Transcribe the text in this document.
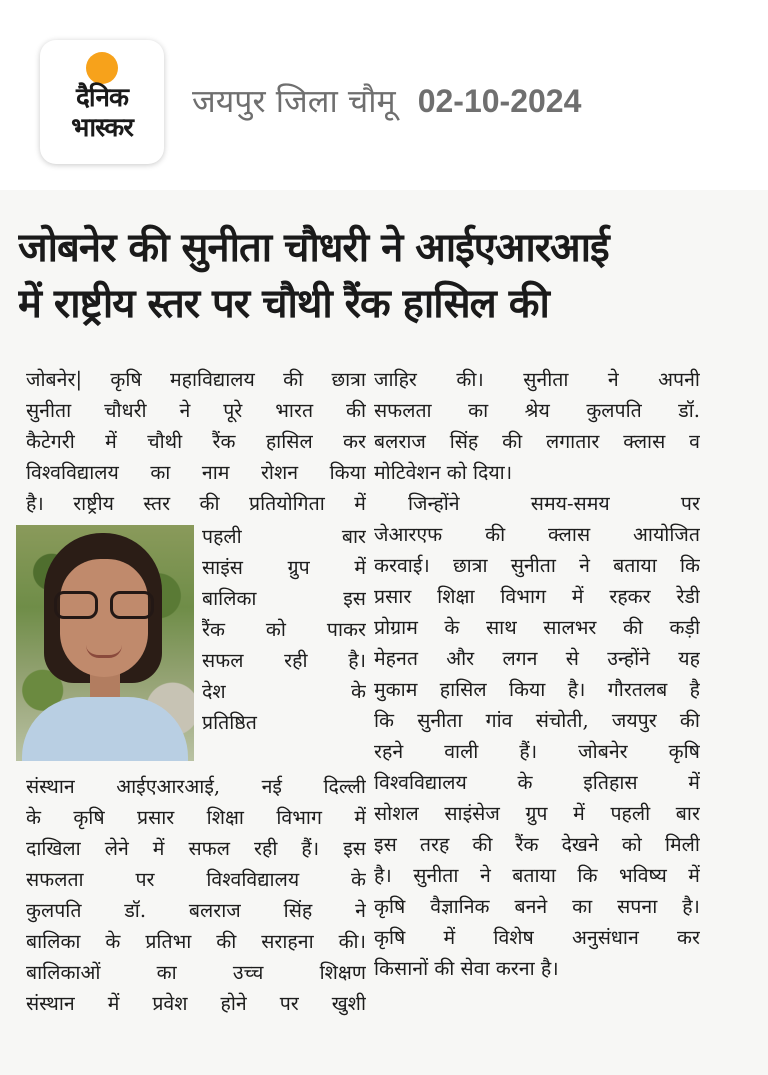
दैनिक
भास्कर
जयपुर जिला चौमू 02-10-2024
जोबनेर की सुनीता चौधरी ने आईएआरआई
में राष्ट्रीय स्तर पर चौथी रैंक हासिल की

जोबनेर| कृषि महाविद्यालय की छात्रा

सुनीता चौधरी ने पूरे भारत की

कैटेगरी में चौथी रैंक हासिल कर

विश्वविद्यालय का नाम रोशन किया

है। राष्ट्रीय स्तर की प्रतियोगिता में

पहली	बार

साइंस ग्रुप में

बालिका	इस

रैंक को पाकर

सफल रही है।

देश	के

प्रतिष्ठित

संस्थान आईएआरआई, नई दिल्ली

के कृषि प्रसार शिक्षा विभाग में

दाखिला लेने में सफल रही हैं। इस

सफलता	पर	विश्वविद्यालय	के

कुलपति डॉ. बलराज सिंह ने

बालिका के प्रतिभा की सराहना की।

बालिकाओं	का	उच्च	शिक्षण

संस्थान में प्रवेश होने पर खुशी

जाहिर की। सुनीता ने अपनी

सफलता का श्रेय कुलपति डॉ.

बलराज सिंह की लगातार क्लास व

मोटिवेशन को दिया।

जिन्होंने	समय-समय	पर

जेआरएफ की क्लास आयोजित

करवाई। छात्रा सुनीता ने बताया कि

प्रसार शिक्षा विभाग में रहकर रेडी

प्रोग्राम के साथ सालभर की कड़ी

मेहनत और लगन से उन्होंने यह

मुकाम हासिल किया है। गौरतलब है

कि सुनीता गांव संचोती, जयपुर की

रहने वाली हैं। जोबनेर कृषि

विश्वविद्यालय	के	इतिहास	में

सोशल साइंसेज ग्रुप में पहली बार

इस तरह की रैंक देखने को मिली

है। सुनीता ने बताया कि भविष्य में

कृषि वैज्ञानिक बनने का सपना है।

कृषि में विशेष अनुसंधान कर

किसानों की सेवा करना है।
